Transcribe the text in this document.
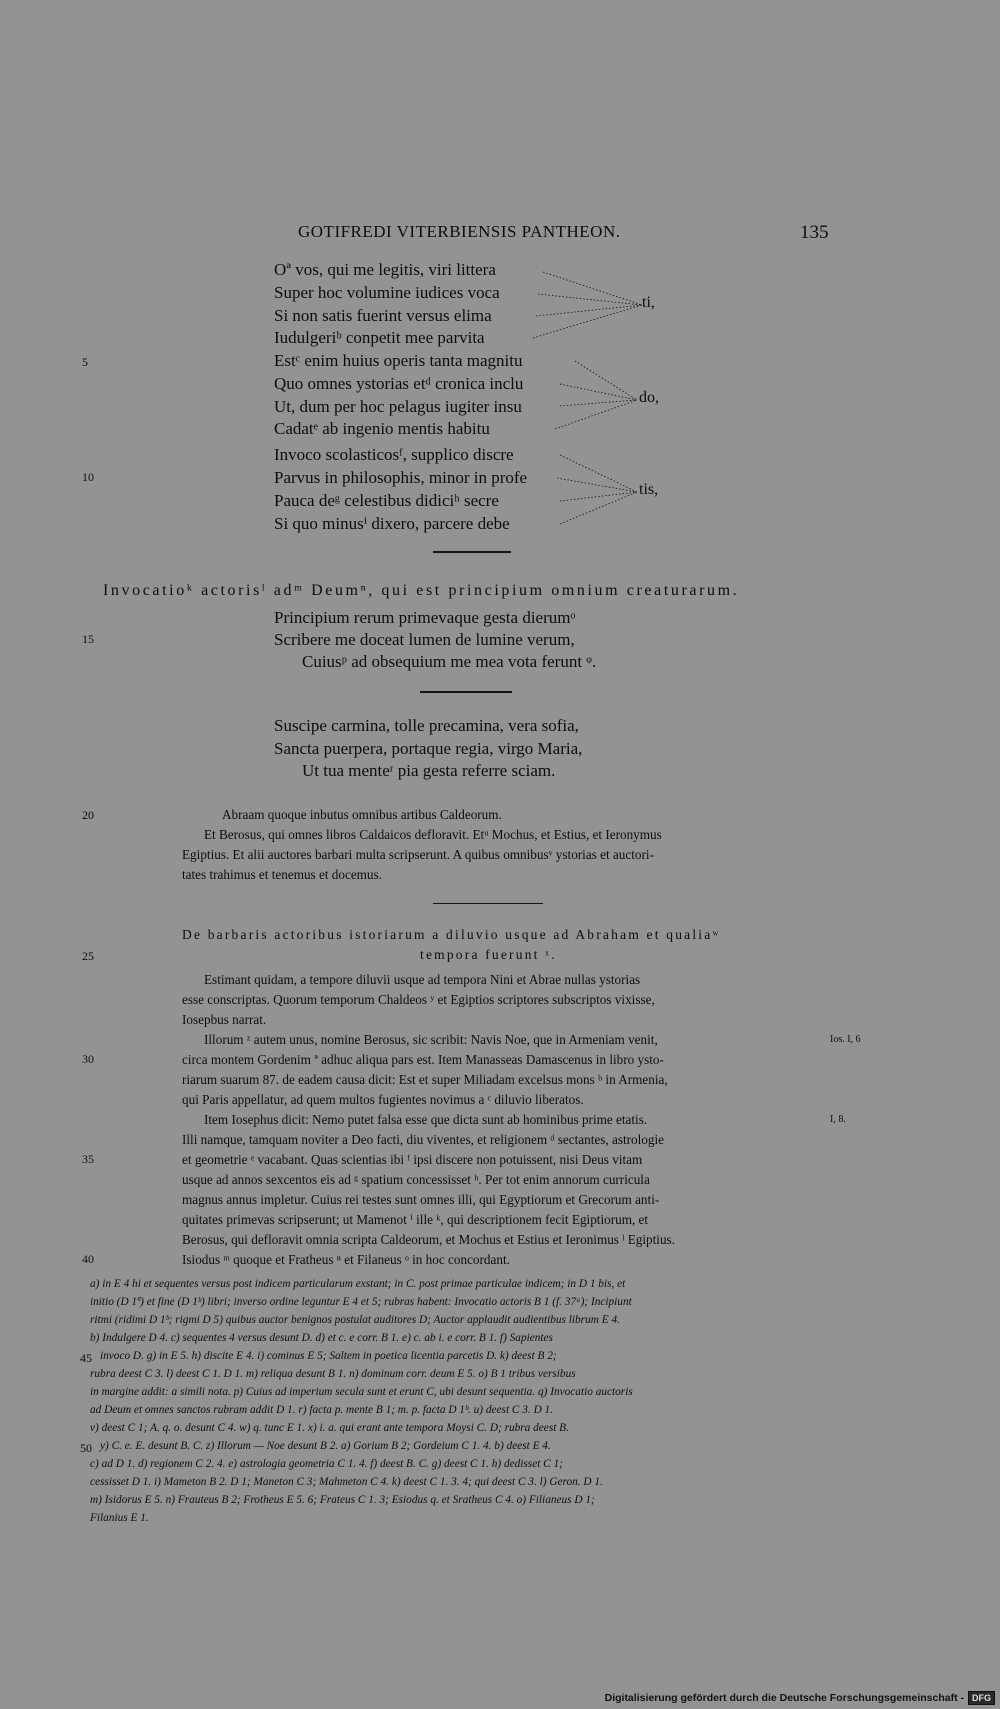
GOTIFREDI VITERBIENSIS PANTHEON.	135
Oª vos, qui me legitis, viri littera
Super hoc volumine iudices voca
Si non satis fuerint versus elima
Iudulgeriᵇ conpetit mee parvita
ti,
5	Estᶜ enim huius operis tanta magnitu
Quo omnes ystorias etᵈ cronica inclu
Ut, dum per hoc pelagus iugiter insu
Cadatᵉ ab ingenio mentis habitu
do,
Invoco scolasticosᶠ, supplico discre
10	Parvus in philosophis, minor in profe
Pauca deᵍ celestibus didiciʰ secre
Si quo minusⁱ dixero, parcere debe
tis,
Invocatioᵏ actorisˡ adᵐ Deumⁿ, qui est principium omnium creaturarum.
Principium rerum primevaque gesta dierumᵒ
15	Scribere me doceat lumen de lumine verum,
Cuiusᵖ ad obsequium me mea vota ferunt ᵠ.
Suscipe carmina, tolle precamina, vera sofia,
Sancta puerpera, portaque regia, virgo Maria,
Ut tua menteʳ pia gesta referre sciam.
20	Abraam quoque inbutus omnibus artibus Caldeorum.
Et Berosus, qui omnes libros Caldaicos defloravit. Etᵘ Mochus, et Estius, et Ieronymus
Egiptius. Et alii auctores barbari multa scripserunt. A quibus omnibusᵛ ystorias et auctori-
tates trahimus et tenemus et docemus.
De barbaris actoribus istoriarum a diluvio usque ad Abraham et qualiaʷ
25	tempora fuerunt ˣ.
Estimant quidam, a tempore diluvii usque ad tempora Nini et Abrae nullas ystorias
esse conscriptas. Quorum temporum Chaldeos ʸ et Egiptios scriptores subscriptos vixisse,
Iosepbus narrat.
Illorum ᶻ autem unus, nomine Berosus, sic scribit: Navis Noe, que in Armeniam venit,	Ios. I, 6
30	circa montem Gordenim ª adhuc aliqua pars est. Item Manasseas Damascenus in libro ysto-
riarum suarum 87. de eadem causa dicit: Est et super Miliadam excelsus mons ᵇ in Armenia,
qui Paris appellatur, ad quem multos fugientes novimus a ᶜ diluvio liberatos.
Item Iosephus dicit: Nemo putet falsa esse que dicta sunt ab hominibus prime etatis.	I, 8.
Illi namque, tamquam noviter a Deo facti, diu viventes, et religionem ᵈ sectantes, astrologie
35	et geometrie ᵉ vacabant. Quas scientias ibi ᶠ ipsi discere non potuissent, nisi Deus vitam
usque ad annos sexcentos eis ad ᵍ spatium concessisset ʰ. Per tot enim annorum curricula
magnus annus impletur. Cuius rei testes sunt omnes illi, qui Egyptiorum et Grecorum anti-
quitates primevas scripserunt; ut Mamenot ⁱ ille ᵏ, qui descriptionem fecit Egiptiorum, et
Berosus, qui defloravit omnia scripta Caldeorum, et Mochus et Estius et Ieronimus ˡ Egiptius.
40	Isiodus ᵐ quoque et Fratheus ⁿ et Filaneus ᵒ in hoc concordant.
a) in E 4 hi et sequentes versus post indicem particularum exstant; in C. post primae particulae indicem; in D 1 bis, et
initio (D 1ª) et fine (D 1ᵇ) libri; inverso ordine leguntur E 4 et 5; rubras habent: Invocatio actoris B 1 (f. 37ᵃ); Incipiunt
ritmi (ridimi D 1ᵇ; rigmi D 5) quibus auctor benignos postulat auditores D; Auctor applaudit audientibus librum E 4.
b) Indulgere D 4. c) sequentes 4 versus desunt D. d) et c. e corr. B 1. e) c. ab i. e corr. B 1. f) Sapientes
45 invoco D. g) in E 5. h) discite E 4. i) cominus E 5; Saltem in poetica licentia parcetis D. k) deest B 2;
rubra deest C 3. l) deest C 1. D 1. m) reliqua desunt B 1. n) dominum corr. deum E 5. o) B 1 tribus versibus
in margine addit: a simili nota. p) Cuius ad imperium secula sunt et erunt C, ubi desunt sequentia. q) Invocatio auctoris
ad Deum et omnes sanctos rubram addit D 1. r) facta p. mente B 1; m. p. facta D 1ᵇ. u) deest C 3. D 1.
v) deest C 1; A. q. o. desunt C 4. w) q. tunc E 1. x) i. a. qui erant ante tempora Moysi C. D; rubra deest B.
50 y) C. e. E. desunt B. C. z) Illorum — Noe desunt B 2. a) Gorium B 2; Gordeium C 1. 4. b) deest E 4.
c) ad D 1. d) regionem C 2. 4. e) astrologia geometria C 1. 4. f) deest B. C. g) deest C 1. h) dedisset C 1;
cessisset D 1. i) Mameton B 2. D 1; Maneton C 3; Mahmeton C 4. k) deest C 1. 3. 4; qui deest C 3. l) Geron. D 1.
m) Isidorus E 5. n) Frauteus B 2; Frotheus E 5. 6; Frateus C 1. 3; Esiodus q. et Sratheus C 4. o) Filianeus D 1;
Filanius E 1.
Digitalisierung gefördert durch die Deutsche Forschungsgemeinschaft - DFG
